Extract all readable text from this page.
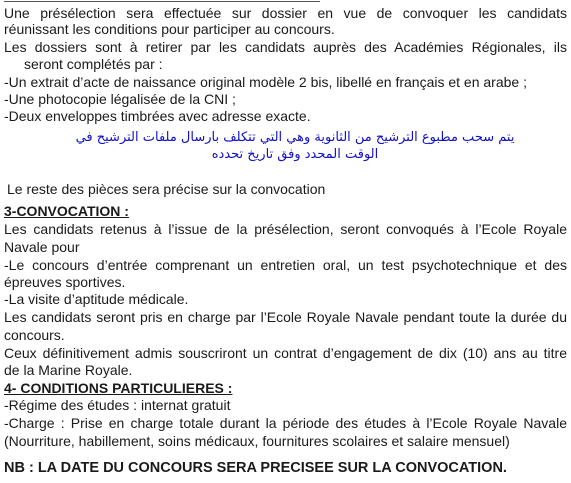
Une présélection sera effectuée sur dossier en vue de convoquer les candidats
réunissant les conditions pour participer au concours.
Les dossiers sont à retirer par les candidats auprès des Académies Régionales, ils
seront complétés par :
-Un extrait d’acte de naissance original modèle 2 bis, libellé en français et en arabe ;
-Une photocopie légalisée de la CNI ;
-Deux enveloppes timbrées avec adresse exacte.
يتم سحب مطبوع الترشيح من الثانوية وهي التي تتكلف بارسال ملفات الترشيح في
الوقت المحدد وفق تاريخ تحدده
Le reste des pièces sera précise sur la convocation
3-CONVOCATION :
Les candidats retenus à l’issue de la présélection, seront convoqués à l’Ecole Royale
Navale pour
-Le concours d’entrée comprenant un entretien oral, un test psychotechnique et des
épreuves sportives.
-La visite d’aptitude médicale.
Les candidats seront pris en charge par l’Ecole Royale Navale pendant toute la durée du
concours.
Ceux définitivement admis souscriront un contrat d’engagement de dix (10) ans au titre
de la Marine Royale.
4- CONDITIONS PARTICULIERES :
-Régime des études : internat gratuit
-Charge : Prise en charge totale durant la période des études à l’Ecole Royale Navale
(Nourriture, habillement, soins médicaux, fournitures scolaires et salaire mensuel)
NB : LA DATE DU CONCOURS SERA PRECISEE SUR LA CONVOCATION.
